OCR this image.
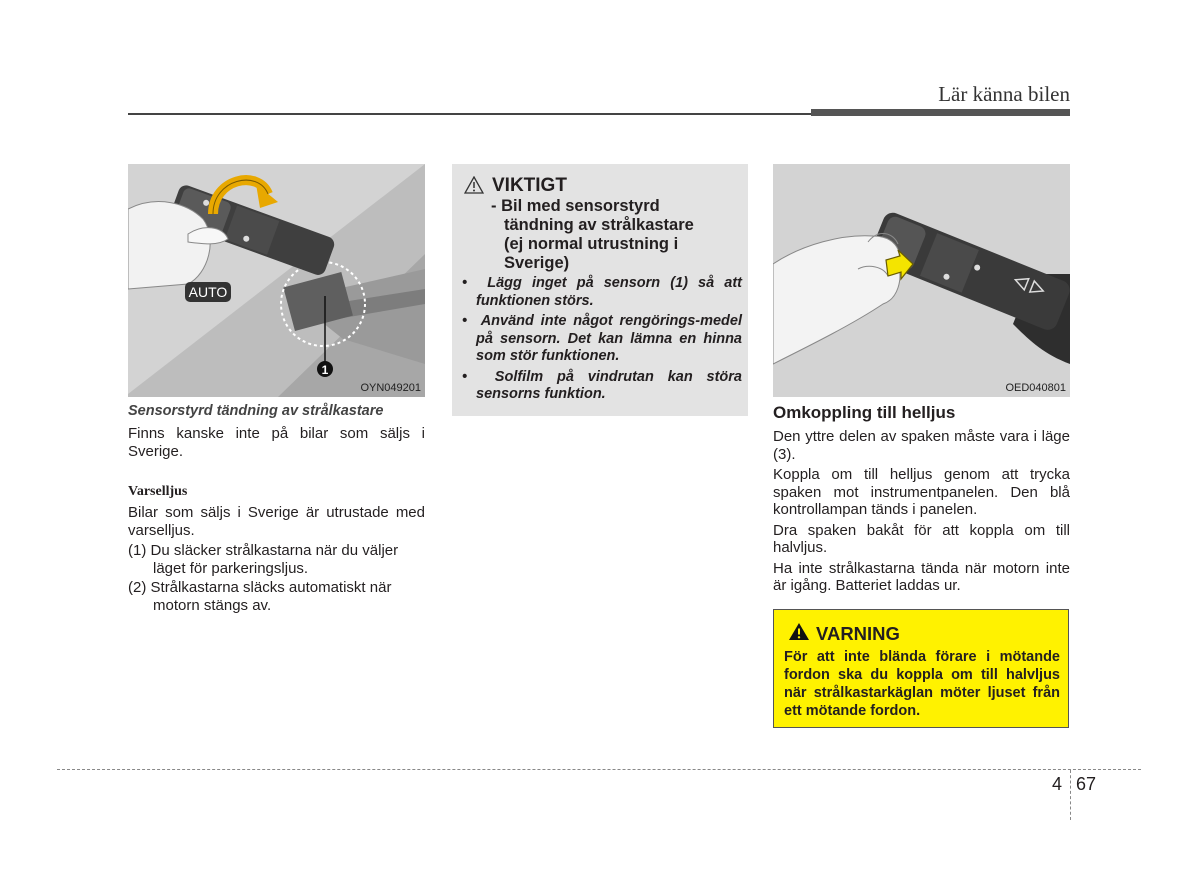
Lär känna bilen
1
AUTO
OYN049201
Sensorstyrd tändning av strålkastare
Finns kanske inte på bilar som säljs i Sverige.
Varselljus
Bilar som säljs i Sverige är utrustade med varselljus.
(1) Du släcker strålkastarna när du väljer läget för parkeringsljus.
(2) Strålkastarna släcks automatiskt när motorn stängs av.
VIKTIGT
- Bil med sensorstyrd
tändning av strålkastare
(ej normal utrustning i
Sverige)
•  Lägg inget på sensorn (1) så att funktionen störs.
•  Använd inte något rengörings-medel på sensorn. Det kan lämna en hinna som stör funktionen.
•  Solfilm på vindrutan kan störa sensorns funktion.	OED040801
Omkoppling till helljus
Den yttre delen av spaken måste vara i läge (3).
Koppla om till helljus genom att trycka spaken mot instrumentpanelen. Den blå kontrollampan tänds i panelen.
Dra spaken bakåt för att koppla om till halvljus.
Ha inte strålkastarna tända när motorn inte är igång. Batteriet laddas ur.
VARNING
För att inte blända förare i mötande fordon ska du koppla om till halvljus när strålkastarkäglan möter ljuset från ett mötande fordon.
4 67
